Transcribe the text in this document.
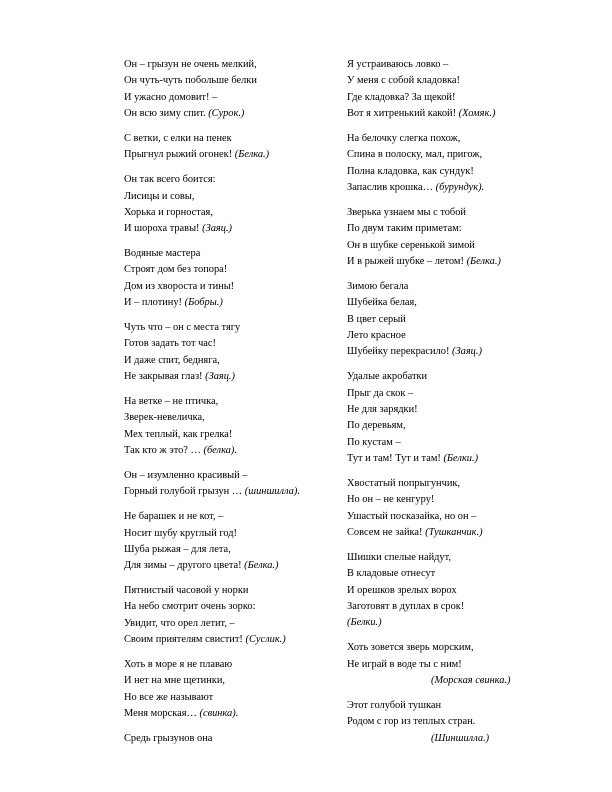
Он – грызун не очень мелкий,
Он чуть-чуть побольше белки
И ужасно домовит! –
Он всю зиму спит. (Сурок.)
С ветки, с елки на пенек
Прыгнул рыжий огонек! (Белка.)
Он так всего боится:
Лисицы и совы,
Хорька и горностая,
И шороха травы! (Заяц.)
Водяные мастера
Строят дом без топора!
Дом из хвороста и тины!
И – плотину! (Бобры.)
Чуть что – он с места тягу
Готов задать тот час!
И даже спит, бедняга,
Не закрывая глаз! (Заяц.)
На ветке – не птичка,
Зверек-невеличка,
Мех теплый, как грелка!
Так кто ж это? … (белка).
Он – изумленно красивый –
Горный голубой грызун … (шиншилла).
Не барашек и не кот, –
Носит шубу круглый год!
Шуба рыжая – для лета,
Для зимы – другого цвета! (Белка.)
Пятнистый часовой у норки
На небо смотрит очень зорко:
Увидит, что орел летит, –
Своим приятелям свистит! (Суслик.)
Хоть в море я не плаваю
И нет на мне щетинки,
Но все же называют
Меня морская… (свинка).
Средь грызунов она
Я устраиваюсь ловко –
У меня с собой кладовка!
Где кладовка? За щекой!
Вот я хитренький какой! (Хомяк.)
На белочку слегка похож,
Спина в полоску, мал, пригож,
Полна кладовка, как сундук!
Запаслив крошка… (бурундук).
Зверька узнаем мы с тобой
По двум таким приметам:
Он в шубке серенькой зимой
И в рыжей шубке – летом! (Белка.)
Зимою бегала
Шубейка белая,
В цвет серый
Лето красное
Шубейку перекрасило! (Заяц.)
Удалые акробатки
Прыг да скок –
Не для зарядки!
По деревьям,
По кустам –
Тут и там! Тут и там! (Белки.)
Хвостатый попрыгунчик,
Но он – не кенгуру!
Ушастый посказайка, но он –
Совсем не зайка! (Тушканчик.)
Шишки спелые найдут,
В кладовые отнесут
И орешков зрелых ворох
Заготовят в дуплах в срок!
(Белки.)
Хоть зовется зверь морским,
Не играй в воде ты с ним!
(Морская свинка.)
Этот голубой тушкан
Родом с гор из теплых стран.
(Шиншилла.)
